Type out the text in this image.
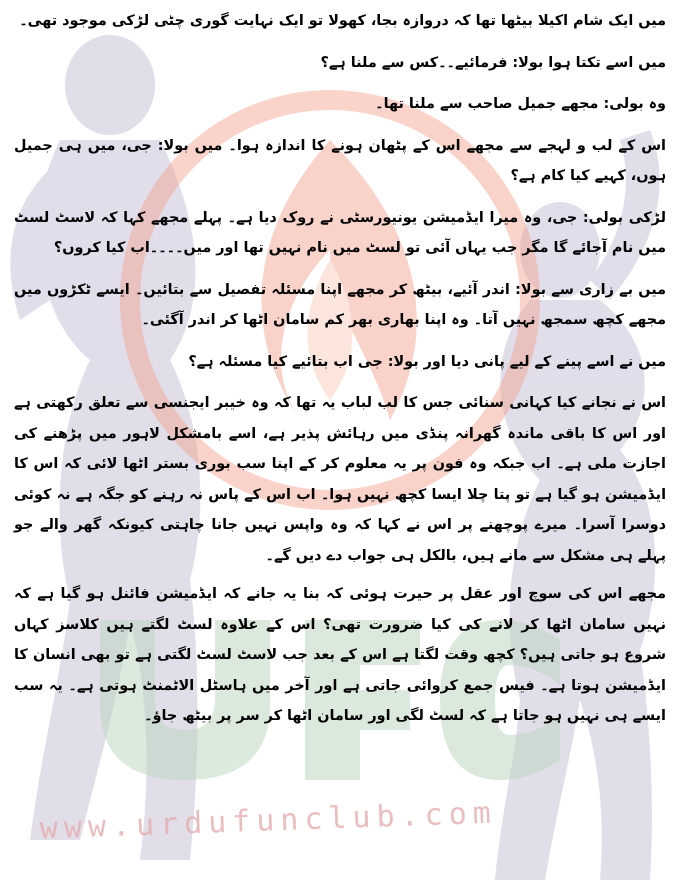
www.urdufunclub.com

میں ایک شام اکیلا بیٹھا تھا کہ دروازہ بجا، کھولا تو ایک نہایت گوری چٹی لڑکی موجود تھی۔

میں اسے تکتا ہوا بولا: فرمائیے۔۔کس سے ملنا ہے؟

وہ بولی: مجھے جمیل صاحب سے ملنا تھا۔

اس کے لب و لہجے سے مجھے اس کے پٹھان ہونے کا اندازہ ہوا۔ میں بولا: جی، میں ہی جمیل ہوں، کہیے کیا کام ہے؟

لڑکی بولی: جی، وہ میرا ایڈمیشن یونیورسٹی نے روک دیا ہے۔ پہلے مجھے کہا کہ لاسٹ لسٹ میں نام آجائے گا مگر جب یہاں آئی تو لسٹ میں نام نہیں تھا اور میں۔۔۔۔اب کیا کروں؟

میں بے زاری سے بولا: اندر آئیے، بیٹھ کر مجھے اپنا مسئلہ تفصیل سے بتائیں۔ ایسے ٹکڑوں میں مجھے کچھ سمجھ نہیں آتا۔ وہ اپنا بھاری بھر کم سامان اٹھا کر اندر آگئی۔

میں نے اسے پینے کے لیے پانی دیا اور بولا: جی اب بتائیے کیا مسئلہ ہے؟

اس نے نجانے کیا کہانی سنائی جس کا لب لباب یہ تھا کہ وہ خیبر ایجنسی سے تعلق رکھتی ہے اور اس کا باقی ماندہ گھرانہ پنڈی میں رہائش پذیر ہے، اسے بامشکل لاہور میں پڑھنے کی اجازت ملی ہے۔ اب جبکہ وہ فون پر یہ معلوم کر کے اپنا سب بوری بستر اٹھا لائی کہ اس کا ایڈمیشن ہو گیا ہے تو پتا چلا ایسا کچھ نہیں ہوا۔ اب اس کے پاس نہ رہنے کو جگہ ہے نہ کوئی دوسرا آسرا۔ میرے پوچھنے پر اس نے کہا کہ وہ واپس نہیں جانا چاہتی کیونکہ گھر والے جو پہلے ہی مشکل سے مانے ہیں، بالکل ہی جواب دے دیں گے۔

مجھے اس کی سوچ اور عقل پر حیرت ہوئی کہ بنا یہ جانے کہ ایڈمیشن فائنل ہو گیا ہے کہ نہیں سامان اٹھا کر لانے کی کیا ضرورت تھی؟ اس کے علاوہ لسٹ لگتے ہیں کلاسز کہاں شروع ہو جاتی ہیں؟ کچھ وقت لگتا ہے اس کے بعد جب لاسٹ لسٹ لگتی ہے تو بھی انسان کا ایڈمیشن ہوتا ہے۔ فیس جمع کروائی جاتی ہے اور آخر میں ہاسٹل الاٹمنٹ ہوتی ہے۔ یہ سب ایسے ہی نہیں ہو جاتا ہے کہ لسٹ لگی اور سامان اٹھا کر سر پر بیٹھ جاؤ۔
